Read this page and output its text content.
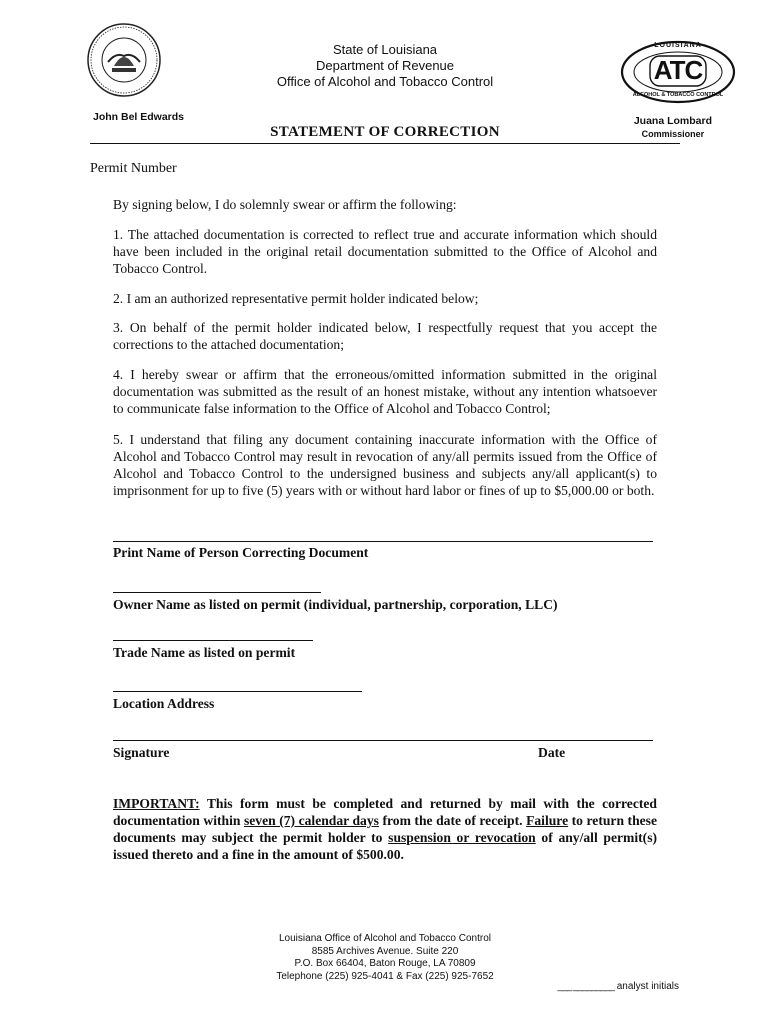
LOUISIANA
ATC
ALCOHOL & TOBACCO CONTROL
State of Louisiana
Department of Revenue
Office of Alcohol and Tobacco Control
John Bel Edwards	Juana Lombard
Commissioner
STATEMENT OF CORRECTION
Permit Number
By signing below, I do solemnly swear or affirm the following:
1. The attached documentation is corrected to reflect true and accurate information which should have been included in the original retail documentation submitted to the Office of Alcohol and Tobacco Control.
2. I am an authorized representative permit holder indicated below;
3. On behalf of the permit holder indicated below, I respectfully request that you accept the corrections to the attached documentation;
4. I hereby swear or affirm that the erroneous/omitted information submitted in the original documentation was submitted as the result of an honest mistake, without any intention whatsoever to communicate false information to the Office of Alcohol and Tobacco Control;
5. I understand that filing any document containing inaccurate information with the Office of Alcohol and Tobacco Control may result in revocation of any/all permits issued from the Office of Alcohol and Tobacco Control to the undersigned business and subjects any/all applicant(s) to imprisonment for up to five (5) years with or without hard labor or fines of up to $5,000.00 or both.
Print Name of Person Correcting Document
Owner Name as listed on permit (individual, partnership, corporation, LLC)
Trade Name as listed on permit
Location Address
Signature	Date
IMPORTANT: This form must be completed and returned by mail with the corrected documentation within seven (7) calendar days from the date of receipt. Failure to return these documents may subject the permit holder to suspension or revocation of any/all permit(s) issued thereto and a fine in the amount of $500.00.
Louisiana Office of Alcohol and Tobacco Control
8585 Archives Avenue. Suite 220
P.O. Box 66404, Baton Rouge, LA 70809
Telephone (225) 925-4041 & Fax (225) 925-7652
___ _________ analyst initials
